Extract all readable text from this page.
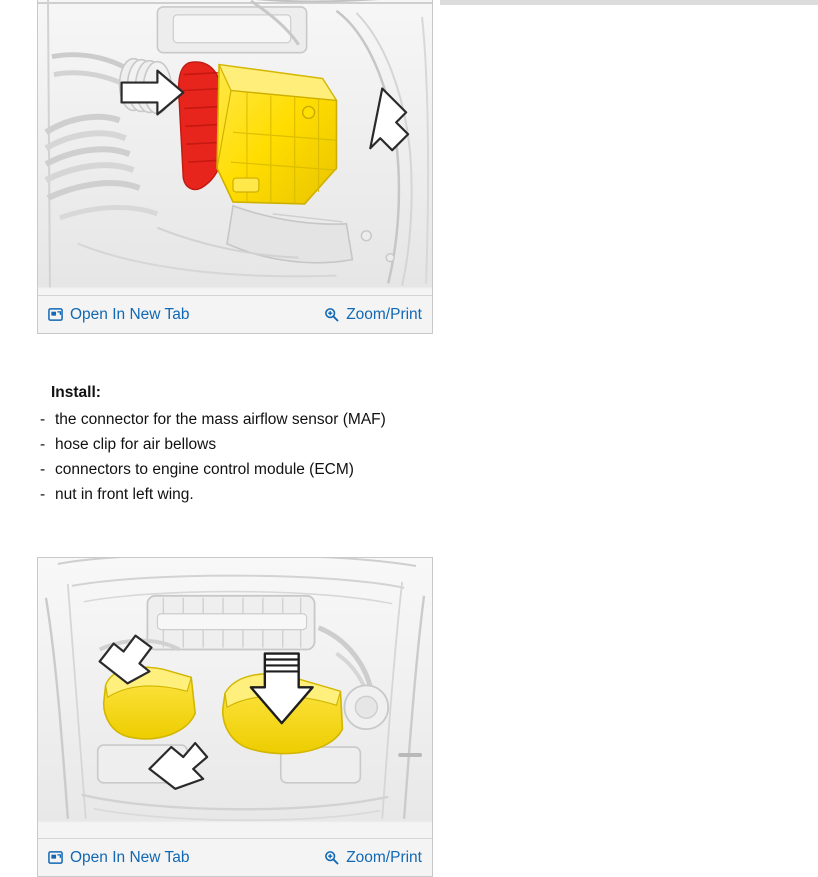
Open In New Tab	Zoom/Print
Install:
- the connector for the mass airflow sensor (MAF)
- hose clip for air bellows
- connectors to engine control module (ECM)
- nut in front left wing.
Open In New Tab	Zoom/Print
